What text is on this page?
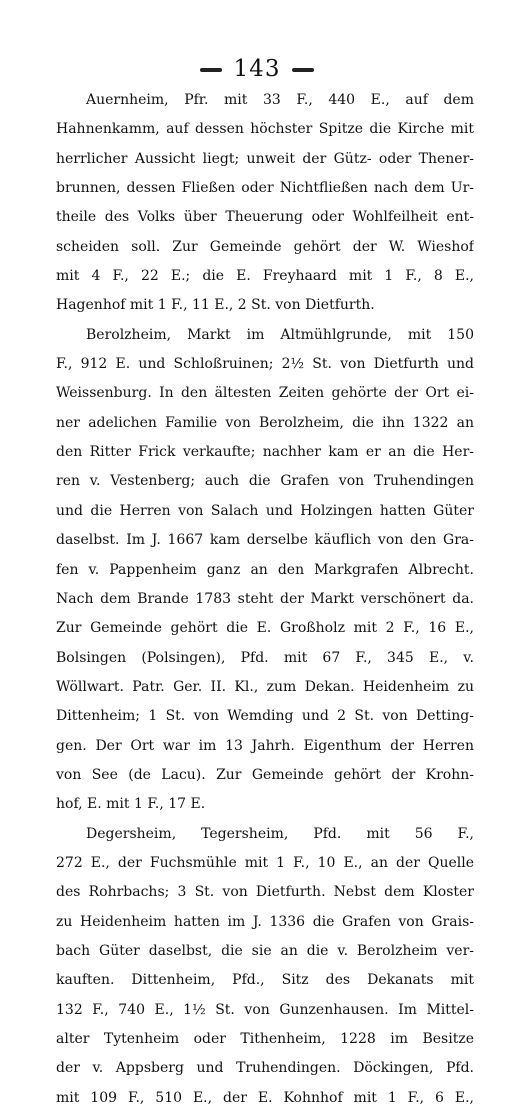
143
Auernheim, Pfr. mit 33 F., 440 E., auf dem
Hahnenkamm, auf dessen höchster Spitze die Kirche mit
herrlicher Aussicht liegt; unweit der Gütz- oder Thener-
brunnen, dessen Fließen oder Nichtfließen nach dem Ur-
theile des Volks über Theuerung oder Wohlfeilheit ent-
scheiden soll. Zur Gemeinde gehört der W. Wieshof
mit 4 F., 22 E.; die E. Freyhaard mit 1 F., 8 E.,
Hagenhof mit 1 F., 11 E., 2 St. von Dietfurth.
Berolzheim, Markt im Altmühlgrunde, mit 150
F., 912 E. und Schloßruinen; 2½ St. von Dietfurth und
Weissenburg. In den ältesten Zeiten gehörte der Ort ei-
ner adelichen Familie von Berolzheim, die ihn 1322 an
den Ritter Frick verkaufte; nachher kam er an die Her-
ren v. Vestenberg; auch die Grafen von Truhendingen
und die Herren von Salach und Holzingen hatten Güter
daselbst. Im J. 1667 kam derselbe käuflich von den Gra-
fen v. Pappenheim ganz an den Markgrafen Albrecht.
Nach dem Brande 1783 steht der Markt verschönert da.
Zur Gemeinde gehört die E. Großholz mit 2 F., 16 E.,
Bolsingen (Polsingen), Pfd. mit 67 F., 345 E., v.
Wöllwart. Patr. Ger. II. Kl., zum Dekan. Heidenheim zu
Dittenheim; 1 St. von Wemding und 2 St. von Detting-
gen. Der Ort war im 13 Jahrh. Eigenthum der Herren
von See (de Lacu). Zur Gemeinde gehört der Krohn-
hof, E. mit 1 F., 17 E.
Degersheim, Tegersheim, Pfd. mit 56 F.,
272 E., der Fuchsmühle mit 1 F., 10 E., an der Quelle
des Rohrbachs; 3 St. von Dietfurth. Nebst dem Kloster
zu Heidenheim hatten im J. 1336 die Grafen von Grais-
bach Güter daselbst, die sie an die v. Berolzheim ver-
kauften. Dittenheim, Pfd., Sitz des Dekanats mit
132 F., 740 E., 1½ St. von Gunzenhausen. Im Mittel-
alter Tytenheim oder Tithenheim, 1228 im Besitze
der v. Appsberg und Truhendingen. Döckingen, Pfd.
mit 109 F., 510 E., der E. Kohnhof mit 1 F., 6 E.,
